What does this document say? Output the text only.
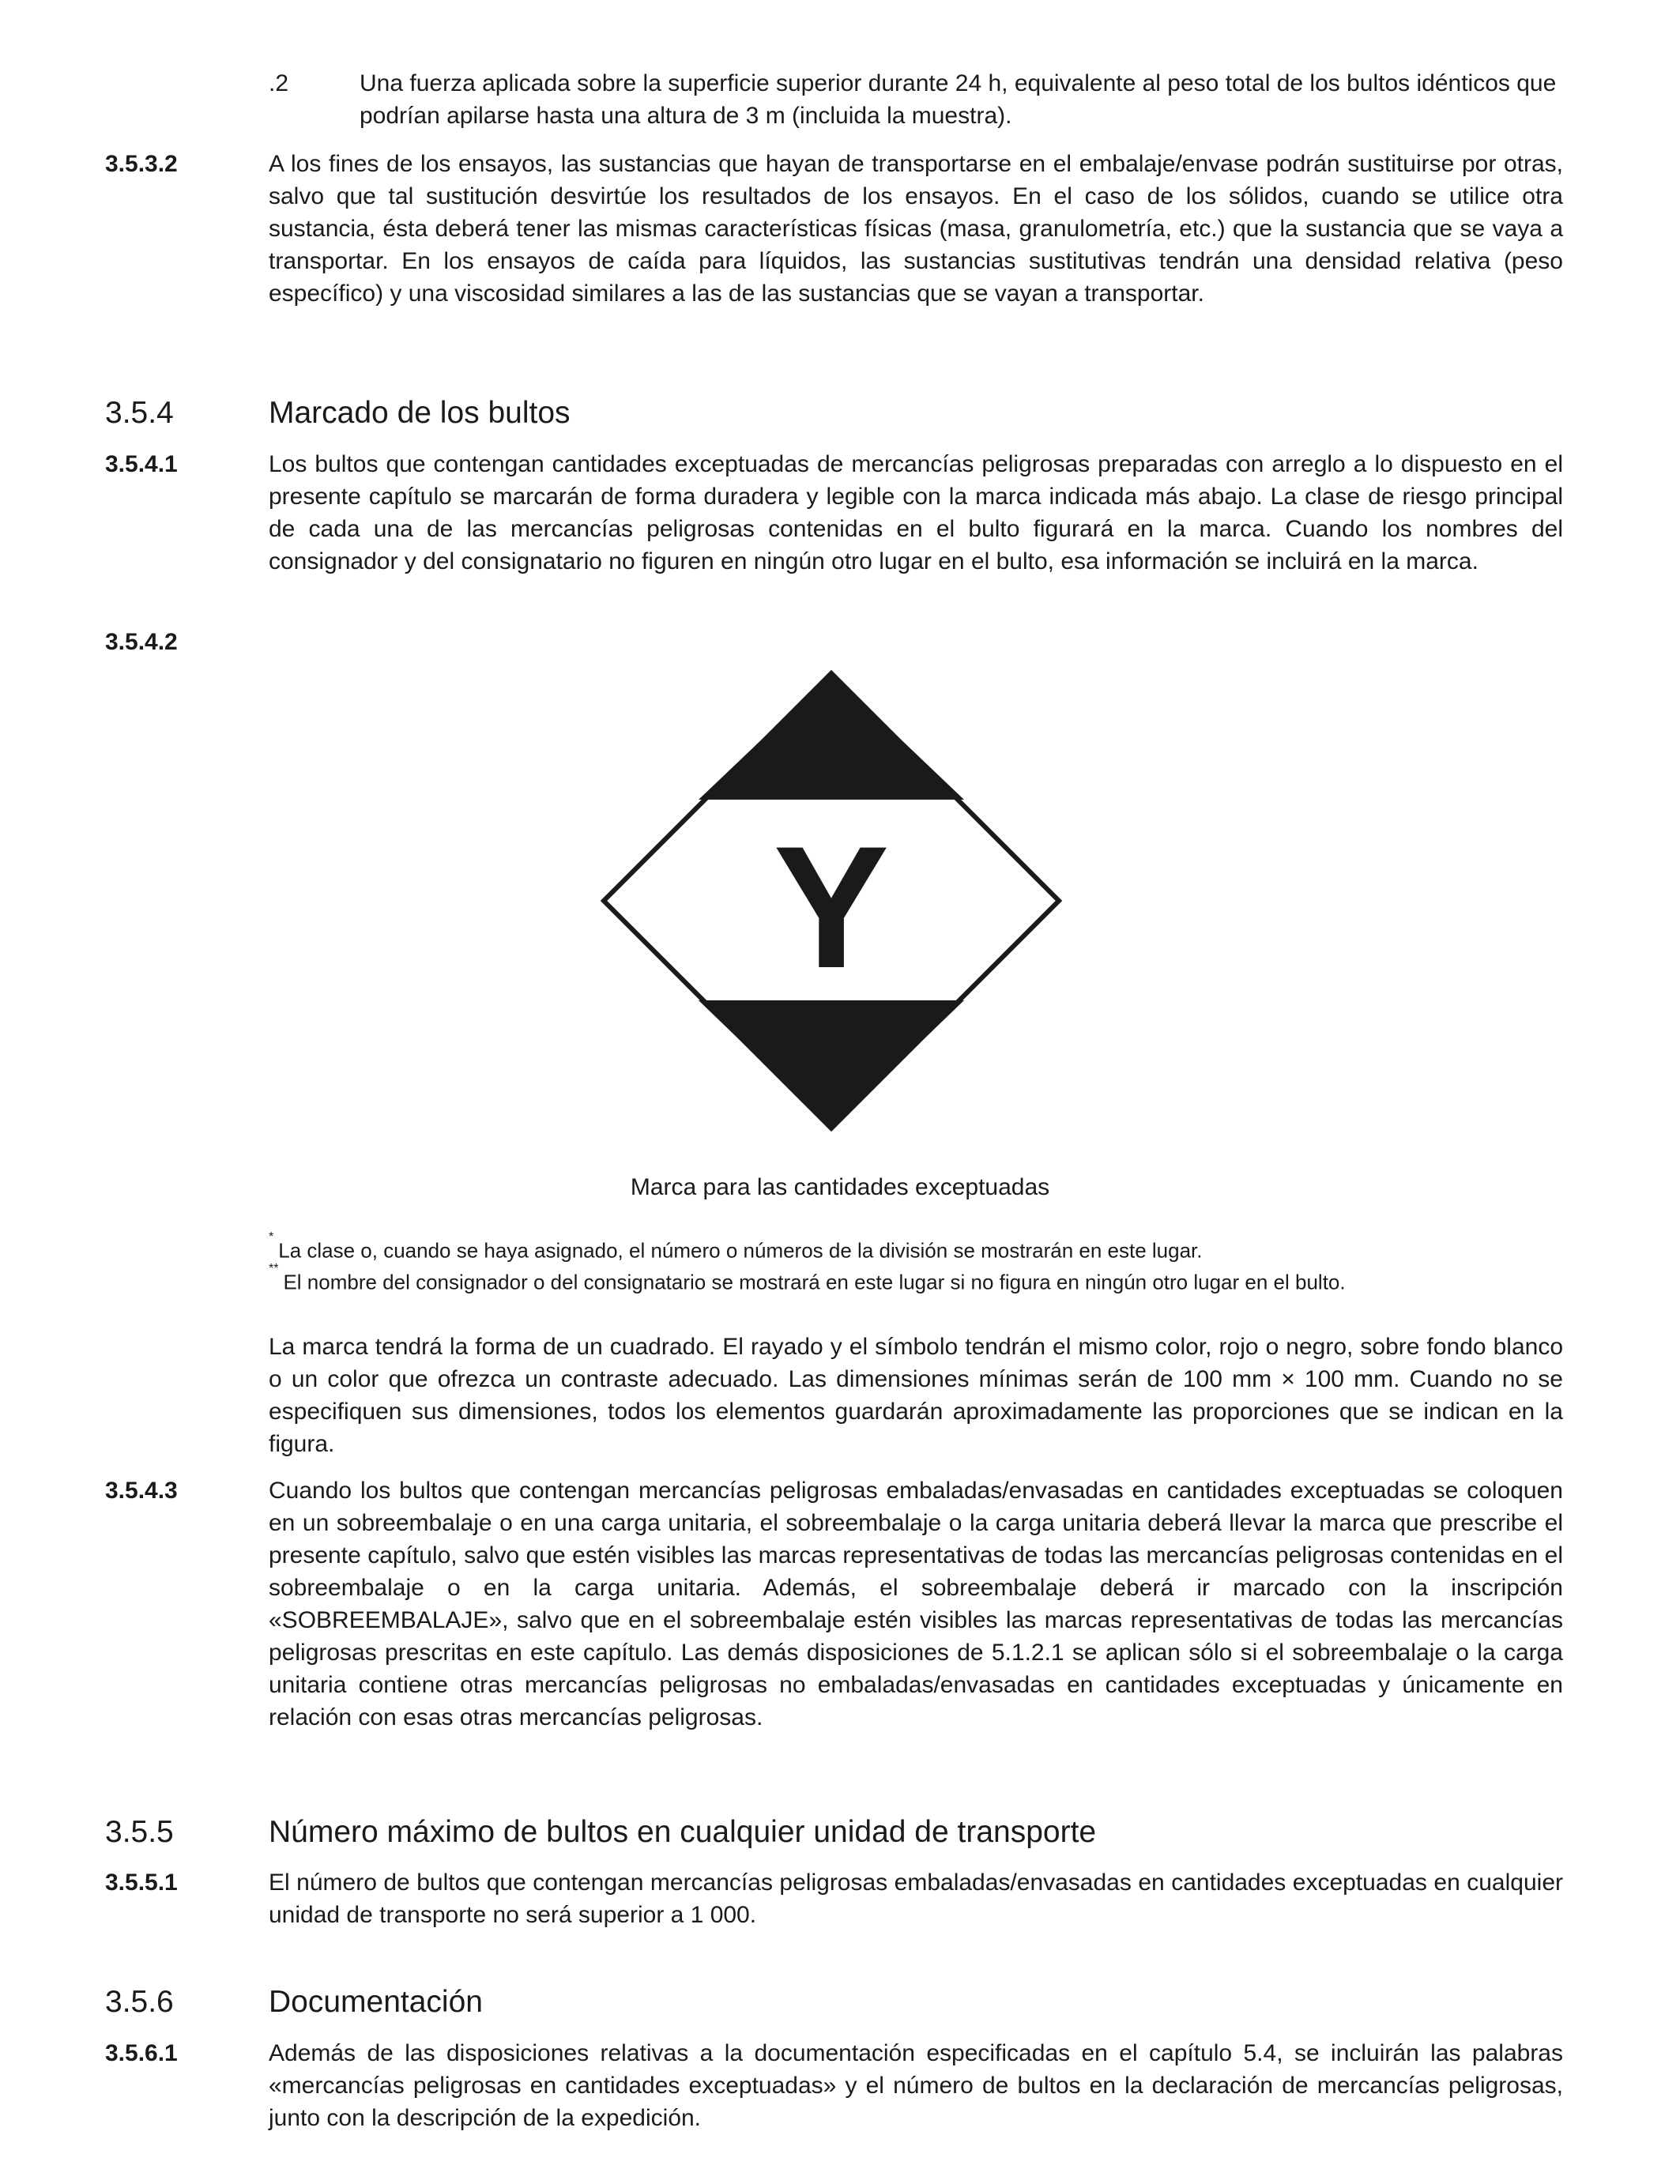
.2	Una fuerza aplicada sobre la superficie superior durante 24 h, equivalente al peso total de los bultos idénticos que podrían apilarse hasta una altura de 3 m (incluida la muestra).
3.5.3.2	A los fines de los ensayos, las sustancias que hayan de transportarse en el embalaje/envase podrán sustituirse por otras, salvo que tal sustitución desvirtúe los resultados de los ensayos. En el caso de los sólidos, cuando se utilice otra sustancia, ésta deberá tener las mismas características físicas (masa, granulometría, etc.) que la sustancia que se vaya a transportar. En los ensayos de caída para líquidos, las sustancias sustitutivas tendrán una densidad relativa (peso específico) y una viscosidad similares a las de las sustancias que se vayan a transportar.
3.5.4	Marcado de los bultos
3.5.4.1	Los bultos que contengan cantidades exceptuadas de mercancías peligrosas preparadas con arreglo a lo dispuesto en el presente capítulo se marcarán de forma duradera y legible con la marca indicada más abajo. La clase de riesgo principal de cada una de las mercancías peligrosas contenidas en el bulto figurará en la marca. Cuando los nombres del consignador y del consignatario no figuren en ningún otro lugar en el bulto, esa información se incluirá en la marca.
3.5.4.2
Y
Marca para las cantidades exceptuadas
*La clase o, cuando se haya asignado, el número o números de la división se mostrarán en este lugar.
**El nombre del consignador o del consignatario se mostrará en este lugar si no figura en ningún otro lugar en el bulto.
La marca tendrá la forma de un cuadrado. El rayado y el símbolo tendrán el mismo color, rojo o negro, sobre fondo blanco o un color que ofrezca un contraste adecuado. Las dimensiones mínimas serán de 100 mm × 100 mm. Cuando no se especifiquen sus dimensiones, todos los elementos guardarán aproximadamente las proporciones que se indican en la figura.
3.5.4.3	Cuando los bultos que contengan mercancías peligrosas embaladas/envasadas en cantidades exceptuadas se coloquen en un sobreembalaje o en una carga unitaria, el sobreembalaje o la carga unitaria deberá llevar la marca que prescribe el presente capítulo, salvo que estén visibles las marcas representativas de todas las mercancías peligrosas contenidas en el sobreembalaje o en la carga unitaria. Además, el sobreembalaje deberá ir marcado con la inscripción «SOBREEMBALAJE», salvo que en el sobreembalaje estén visibles las marcas representativas de todas las mercancías peligrosas prescritas en este capítulo. Las demás disposiciones de 5.1.2.1 se aplican sólo si el sobreembalaje o la carga unitaria contiene otras mercancías peligrosas no embaladas/envasadas en cantidades exceptuadas y únicamente en relación con esas otras mercancías peligrosas.
3.5.5	Número máximo de bultos en cualquier unidad de transporte
3.5.5.1	El número de bultos que contengan mercancías peligrosas embaladas/envasadas en cantidades exceptuadas en cualquier unidad de transporte no será superior a 1 000.
3.5.6	Documentación
3.5.6.1	Además de las disposiciones relativas a la documentación especificadas en el capítulo 5.4, se incluirán las palabras «mercancías peligrosas en cantidades exceptuadas» y el número de bultos en la declaración de mercancías peligrosas, junto con la descripción de la expedición.
